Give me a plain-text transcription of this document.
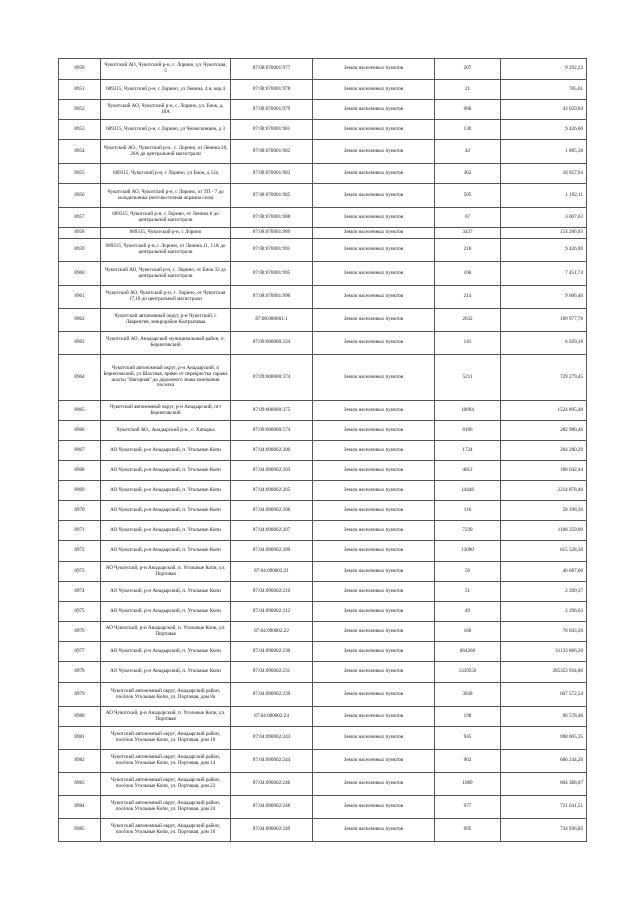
8950	Чукотский АО, Чукотский р-н, с. Лорино, ул. Чукотская, 5	87:08:070001:977	Земли населенных пунктов	207	9 292,23
8951	689315, Чукотский р-н, с Лорино, ул Ленина, 4 в, кор.4	87:08:070001:978	Земли населенных пунктов	21	785,61
8952	Чукотский АО, Чукотский р-н, с. Лорино, ул. Енок, д. 18А	87:08:070001:979	Земли населенных пунктов	986	43 029,04
8953	689315, Чукотский р-н, с Лорино, ул Челюскинцев, д 3	87:08:070001:981	Земли населенных пунктов	130	9 426,60
8954	Чукотский АО., Чукотский р-н., с. Лорино, от Ленина 26, 26А до центральной магистрали	87:08:070001:982	Земли населенных пунктов	42	1 885,38
8955	689315, Чукотский р-н, с Лорино, ул Енок, д 12а	87:08:070001:983	Земли населенных пунктов	362	18 957,94
8956	Чукотский АО, Чукотский р-н, с Лорино, от ТП - 7 до холодильника (юго-восточная окраина села)	87:08:070001:985	Земли населенных пунктов	505	1 192,11
8957	689315, Чукотский р-н, с Лорино, от Ленина 6 до центральной магистрали	87:08:070001:988	Земли населенных пунктов	67	3 007,63
8958	689315, Чукотский р-н, с Лорино	87:08:070001:989	Земли населенных пунктов	3437	154 286,93
8959	689315, Чукотский р-н, с Лорино, от Ленина 11, 11А до центральной магистрали	87:08:070001:991	Земли населенных пунктов	210	9 426,90
8960	Чукотский АО, Чукотский р-н, с. Лорино, от Енок 32 до центральной магистрали	87:08:070001:995	Земли населенных пунктов	166	7 451,74
8961	Чукотский АО, Чукотский р-н, с. Лорино, от Чукотская 17,18 до центральной магистрали	87:08:070001:996	Земли населенных пунктов	214	9 606,46
8962	Чукотский автономный округ, р-н Чукотский, с Лаврентия, микрорайон Кытрытаваа	87:08:080001:1	Земли населенных пунктов	2632	189 977,76
8963	Чукотский АО, Анадырский муниципальный район, п. Беринговский	87:09:000000:334	Земли населенных пунктов	141	6 029,16
8964	Чукотский автономный округ, р-н Анадырский, п Беринговский, ул Шахтная, прямо от перекрестка гаража шахты "Нагорная" до дорожного знака окончания поселка	87:09:000000:374	Земли населенных пунктов	5211	729 279,45
8965	Чукотский автономный округ, р-н Анадырский, пгт Беринговский	87:09:000000:375	Земли населенных пунктов	10894	1524 895,48
8966	Чукотский АО., Анадырский р-н., с. Хатырка	87:09:000000:574	Земли населенных пунктов	8106	282 980,46
8967	АО Чукотский, р-н Анадырский, п. Угольные Копи	87:04:090002:200	Земли населенных пунктов	1724	264 280,20
8968	АО Чукотский, р-н Анадырский, п. Угольные Копи	87:04:090002:203	Земли населенных пунктов	4012	188 042,44
8969	АО Чукотский, р-н Анадырский, п. Угольные Копи	87:04:090002:205	Земли населенных пунктов	14448	2214 878,40
8970	АО Чукотский, р-н Анадырский, п. Угольные Копи	87:04:090002:206	Земли населенных пунктов	116	58 198,36
8971	АО Чукотский, р-н Анадырский, п. Угольные Копи	87:04:090002:207	Земли населенных пунктов	7230	1108 359,00
8972	АО Чукотский, р-н Анадырский, п. Угольные Копи	87:04:090002:209	Земли населенных пунктов	13090	615 528,30
8973	АО Чукотский, р-н Анадырский, п. Угольные Копи, ул. Портовая	87:04:090002:21	Земли населенных пунктов	50	46 687,00
8974	АО Чукотский, р-н Анадырский, п. Угольные Копи	87:04:090002:210	Земли населенных пунктов	51	2 390,37
8975	АО Чукотский, р-н Анадырский, п. Угольные Копи	87:04:090002:212	Земли населенных пунктов	49	2 296,63
8976	АО Чукотский, р-н Анадырский, п. Угольные Копи, ул. Портовая	87:04:090002:22	Земли населенных пунктов	160	78 043,20
8977	АО Чукотский, р-н Анадырский, п. Угольные Копи	87:04:090002:230	Земли населенных пунктов	664260	31133 866,20
8978	АО Чукотский, р-н Анадырский, п. Угольные Копи	87:04:090002:231	Земли населенных пунктов	1339556	205353 934,80
8979	Чукотский автономный округ, Анадырский район, посёлок Угольные Копи, ул. Портовая, дом 8а	87:04:090002:239	Земли населенных пунктов	3038	607 572,54
8980	АО Чукотский, р-н Анадырский, п. Угольные Копи, ул. Портовая	87:04:090002:24	Земли населенных пунктов	198	96 578,46
8981	Чукотский автономный округ, Анадырский район, посёлок Угольные Копи, ул. Портовая, дом 10	87:04:090002:243	Земли населенных пунктов	945	698 005,35
8982	Чукотский автономный округ, Анадырский район, посёлок Угольные Копи, ул. Портовая, дом 14	87:04:090002:244	Земли населенных пунктов	902	666 244,26
8983	Чукотский автономный округ, Анадырский район, посёлок Угольные Копи, ул. Портовая, дом 22	87:04:090002:246	Земли населенных пунктов	1089	804 368,07
8984	Чукотский автономный округ, Анадырский район, посёлок Угольные Копи, ул. Портовая, дом 24	87:04:090002:248	Земли населенных пунктов	977	721 641,51
8985	Чукотский автономный округ, Анадырский район, посёлок Угольные Копи, ул. Портовая, дом 16	87:04:090002:249	Земли населенных пунктов	995	734 936,85
